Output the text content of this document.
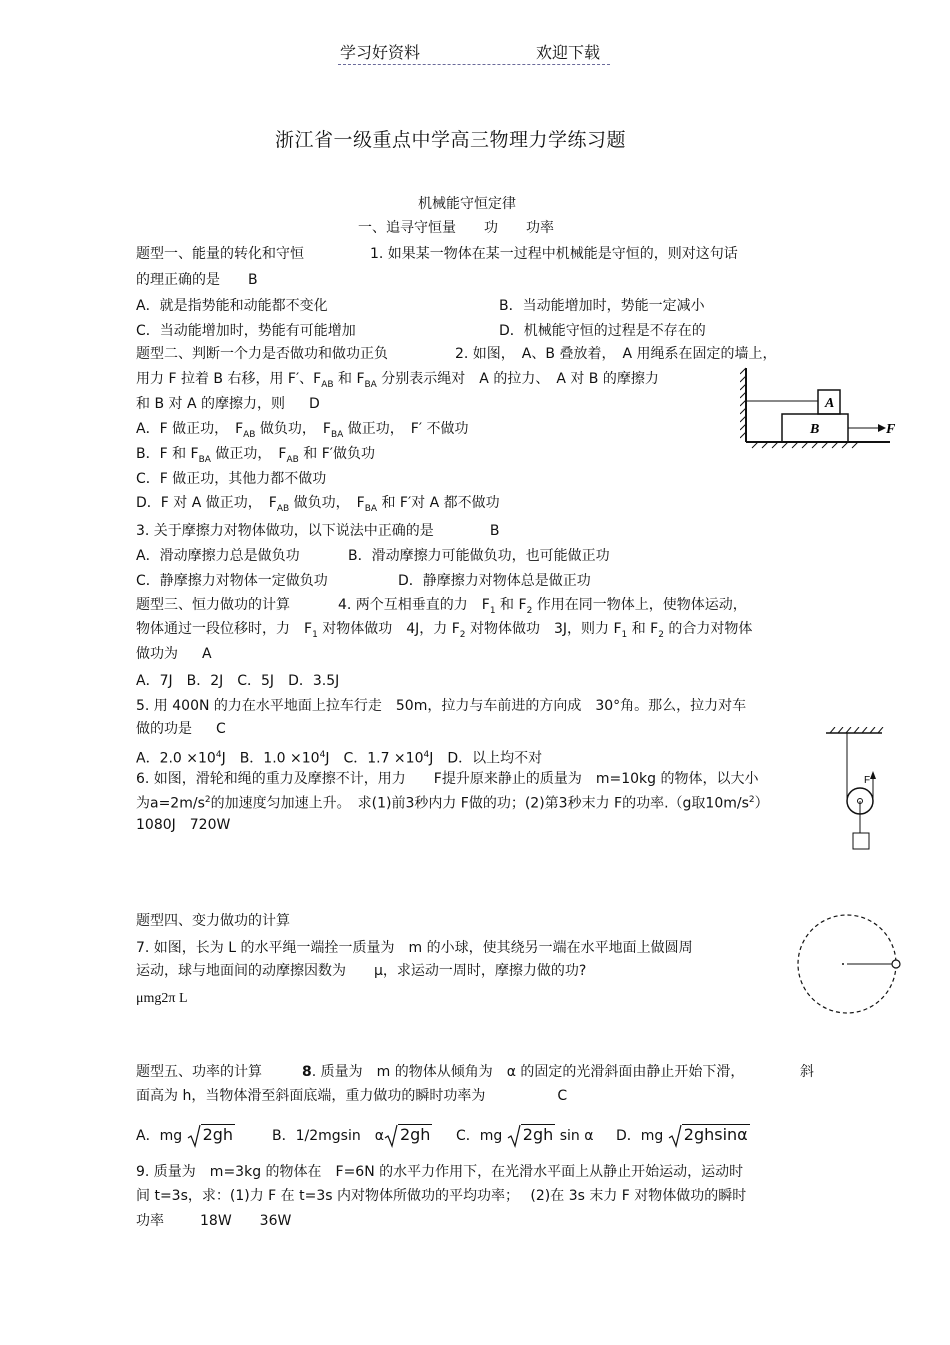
学习好资料	欢迎下载
浙江省一级重点中学高三物理力学练习题
机械能守恒定律
一、追寻守恒量　　功　　功率
题型一、能量的转化和守恒	1. 如果某一物体在某一过程中机械能是守恒的，则对这句话
的理正确的是 B
A．就是指势能和动能都不变化	B．当动能增加时，势能一定减小
C．当动能增加时，势能有可能增加	D．机械能守恒的过程是不存在的
题型二、判断一个力是否做功和做功正负	2. 如图，　A、B 叠放着，　A 用绳系在固定的墙上，
用力 F 拉着 B 右移，用 F′、$F_{AB}$ 和 $F_{BA}$ 分别表示绳对　A 的拉力、　A 对 B 的摩擦力
和 B 对 A 的摩擦力，则 D
A．F 做正功，　$F_{AB}$ 做负功，　$F_{BA}$ 做正功，　F′ 不做功
B．F 和 $F_{BA}$ 做正功，　$F_{AB}$ 和 F′做负功
C．F 做正功，其他力都不做功
D．F 对 A 做正功，　$F_{AB}$ 做负功，　$F_{BA}$ 和 F′对 A 都不做功
A
B	F
3. 关于摩擦力对物体做功，以下说法中正确的是	B
A．滑动摩擦力总是做负功	B．滑动摩擦力可能做负功，也可能做正功
C．静摩擦力对物体一定做负功	D．静摩擦力对物体总是做正功
题型三、恒力做功的计算	4. 两个互相垂直的力　$F_1$ 和 $F_2$ 作用在同一物体上，使物体运动，
物体通过一段位移时，力　$F_1$ 对物体做功　4J，力 $F_2$ 对物体做功　3J，则力 $F_1$ 和 $F_2$ 的合力对物体
做功为 A
A．7J　B．2J　C．5J　D．3.5J
5. 用 400N 的力在水平地面上拉车行走　50m，拉力与车前进的方向成　30°角。那么，拉力对车
做的功是 C
A．$2.0 \times 10^4J$　B．$1.0 \times 10^4J$　C．$1.7 \times 10^4J$　D．以上均不对
6. 如图，滑轮和绳的重力及摩擦不计，用力　　F提升原来静止的质量为　m=10kg 的物体，以大小
为$a=2m/s^2$的加速度匀加速上升。　求(1)前3秒内力 F做的功；(2)第3秒末力 F的功率.（g取$10m/s^2$）
1080J　720W
F
题型四、变力做功的计算
7. 如图，长为 L 的水平绳一端拴一质量为　m 的小球，使其绕另一端在水平地面上做圆周
运动，球与地面间的动摩擦因数为　　μ，求运动一周时，摩擦力做的功?
μmg2π L
题型五、功率的计算	8. 质量为　m 的物体从倾角为　α 的固定的光滑斜面由静止开始下滑，	斜
面高为 h，当物体滑至斜面底端，重力做功的瞬时功率为	C
A．mg 2gh	B．1/2mgsin　α 2gh C．mg 2gh sin α D．mg 2ghsinα
9. 质量为　m=3kg 的物体在　F=6N 的水平力作用下，在光滑水平面上从静止开始运动，运动时
间 t=3s，求：(1)力 F 在 t=3s 内对物体所做功的平均功率；　 (2)在 3s 末力 F 对物体做功的瞬时
功率	18W　　36W
